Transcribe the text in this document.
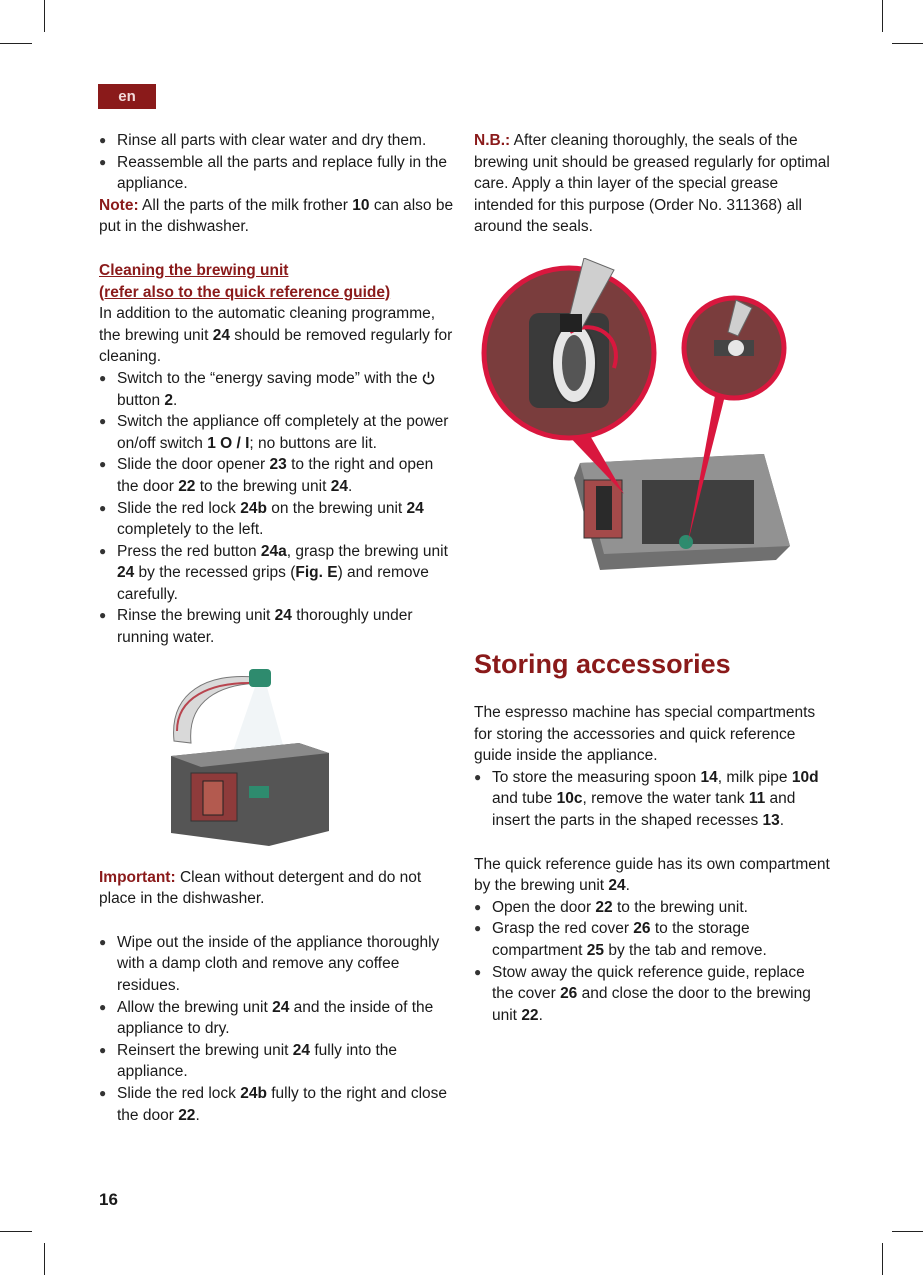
en
● Rinse all parts with clear water and dry them.
● Reassemble all the parts and replace fully in the appliance.

Note: All the parts of the milk frother 10 can also be put in the dishwasher.

Cleaning the brewing unit
(refer also to the quick reference guide)

In addition to the automatic cleaning programme, the brewing unit 24 should be removed regularly for cleaning.

● Switch to the “energy saving mode” with the  button 2.
● Switch the appliance off completely at the power on/off switch 1 O / I; no buttons are lit.
● Slide the door opener 23 to the right and open the door 22 to the brewing unit 24.
● Slide the red lock 24b on the brewing unit 24 completely to the left.
● Press the red button 24a, grasp the brewing unit 24 by the recessed grips (Fig. E) and remove carefully.
● Rinse the brewing unit 24 thoroughly under running water.

Important: Clean without detergent and do not place in the dishwasher.

● Wipe out the inside of the appliance thoroughly with a damp cloth and remove any coffee residues.
● Allow the brewing unit 24 and the inside of the appliance to dry.
● Reinsert the brewing unit 24 fully into the appliance.
● Slide the red lock 24b fully to the right and close the door 22.

N.B.: After cleaning thoroughly, the seals of the brewing unit should be greased regularly for optimal care. Apply a thin layer of the special grease intended for this purpose (Order No. 311368) all around the seals.

Storing accessories

The espresso machine has special compartments for storing the accessories and quick reference guide inside the appliance.

● To store the measuring spoon 14, milk pipe 10d and tube 10c, remove the water tank 11 and insert the parts in the shaped recesses 13.

The quick reference guide has its own compartment by the brewing unit 24.

● Open the door 22 to the brewing unit.
● Grasp the red cover 26 to the storage compartment 25 by the tab and remove.
● Stow away the quick reference guide, replace the cover 26 and close the door to the brewing unit 22.
16
